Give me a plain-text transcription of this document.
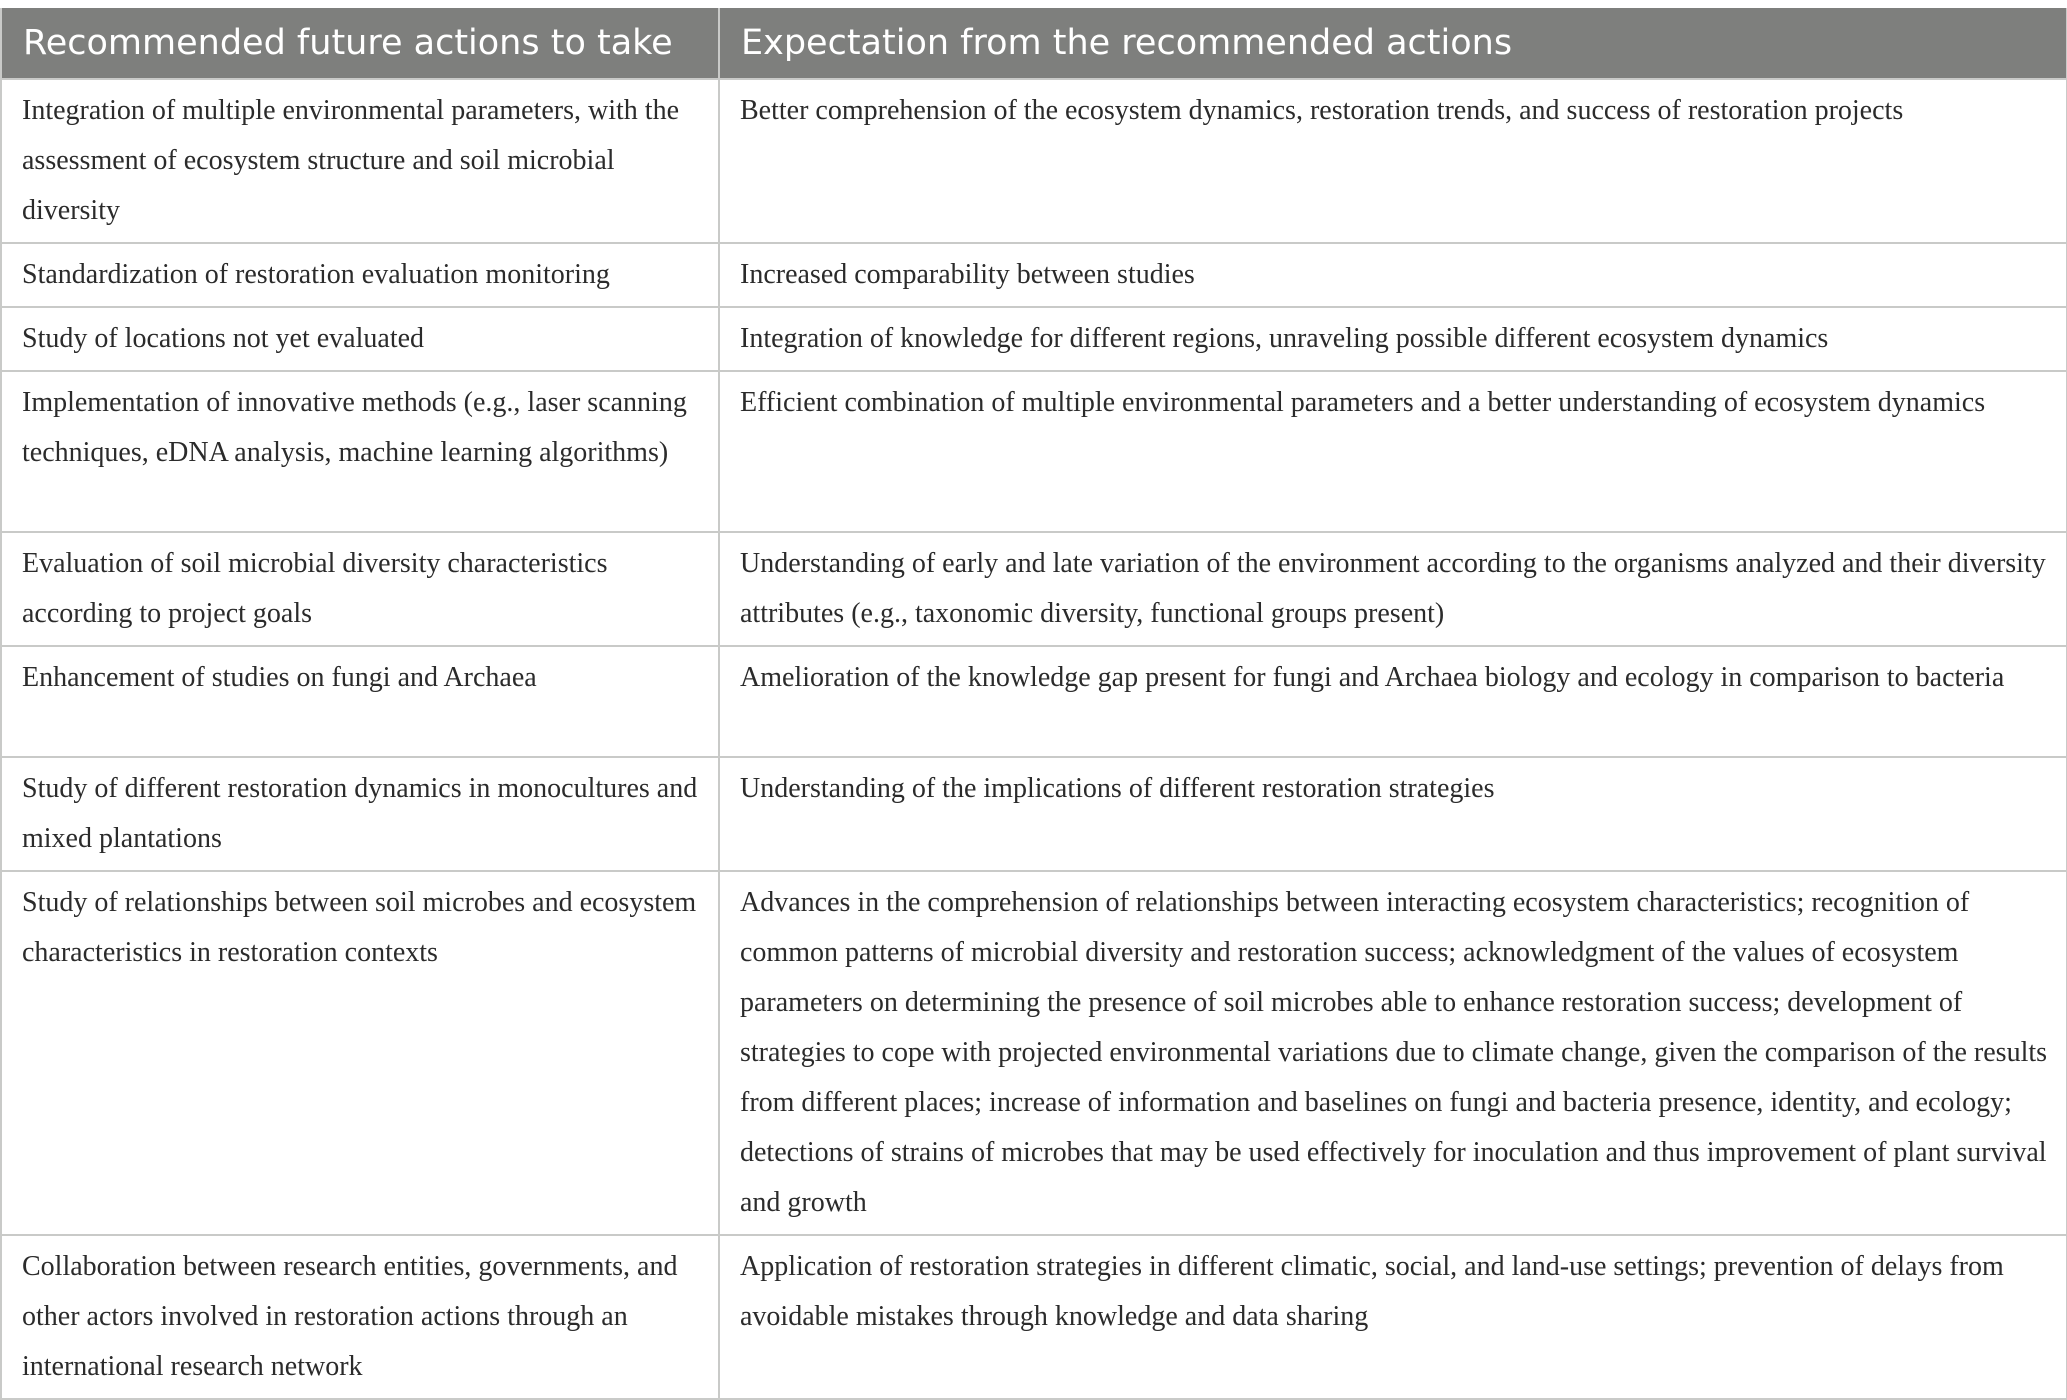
Recommended future actions to take	Expectation from the recommended actions
Integration of multiple environmental parameters, with the assessment of ecosystem structure and soil microbial diversity	Better comprehension of the ecosystem dynamics, restoration trends, and success of restoration projects
Standardization of restoration evaluation monitoring	Increased comparability between studies
Study of locations not yet evaluated	Integration of knowledge for different regions, unraveling possible different ecosystem dynamics
Implementation of innovative methods (e.g., laser scanning techniques, eDNA analysis, machine learning algorithms)	Efficient combination of multiple environmental parameters and a better understanding of ecosystem dynamics
Evaluation of soil microbial diversity characteristics according to project goals	Understanding of early and late variation of the environment according to the organisms analyzed and their diversity attributes (e.g., taxonomic diversity, functional groups present)
Enhancement of studies on fungi and Archaea	Amelioration of the knowledge gap present for fungi and Archaea biology and ecology in comparison to bacteria
Study of different restoration dynamics in monocultures and mixed plantations	Understanding of the implications of different restoration strategies
Study of relationships between soil microbes and ecosystem characteristics in restoration contexts	Advances in the comprehension of relationships between interacting ecosystem characteristics; recognition of common patterns of microbial diversity and restoration success; acknowledgment of the values of ecosystem parameters on determining the presence of soil microbes able to enhance restoration success; development of strategies to cope with projected environmental variations due to climate change, given the comparison of the results from different places; increase of information and baselines on fungi and bacteria presence, identity, and ecology; detections of strains of microbes that may be used effectively for inoculation and thus improvement of plant survival and growth
Collaboration between research entities, governments, and other actors involved in restoration actions through an international research network	Application of restoration strategies in different climatic, social, and land-use settings; prevention of delays from avoidable mistakes through knowledge and data sharing
